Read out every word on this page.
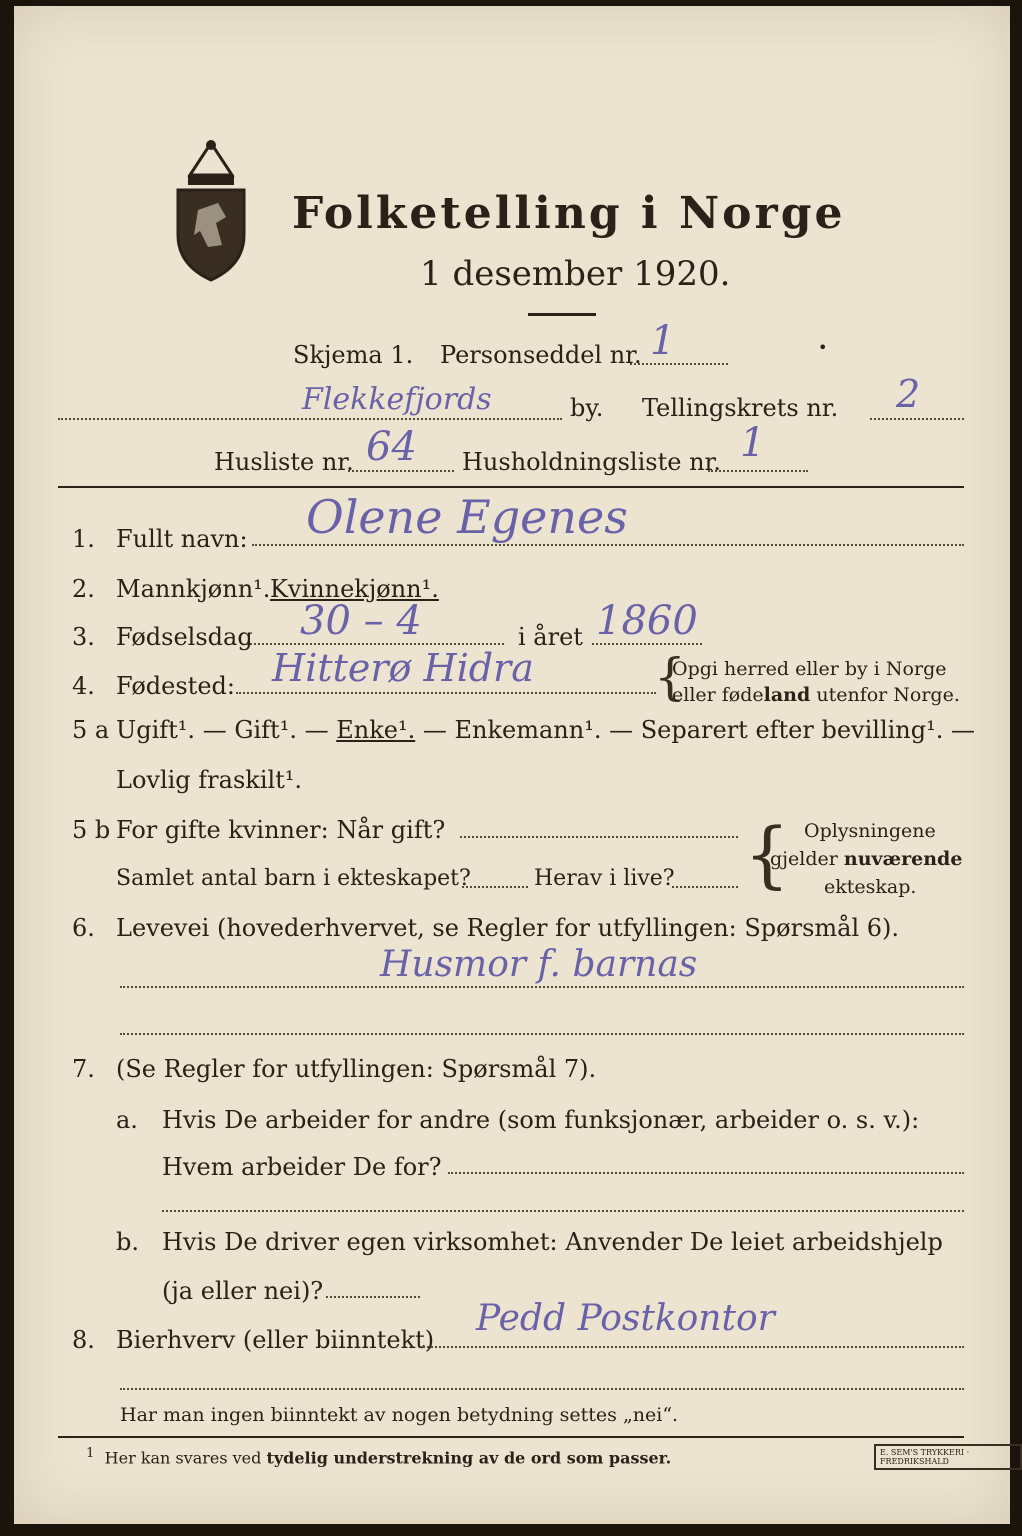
Folketelling i Norge
1 desember 1920.
Skjema 1. Personseddel nr. 1	•
Flekkefjords	by. Tellingskrets nr. 2
Husliste nr. 64 Husholdningsliste nr. 1
1. Fullt navn: Olene Egenes
2. Mannkjønn¹. Kvinnekjønn¹.
3. Fødselsdag 30 – 4	i året 1860
4. Fødested: Hitterø Hidra {
Opgi herred eller by i Norge
eller fødeland utenfor Norge.
5 a Ugift¹. — Gift¹. — Enke¹. — Enkemann¹. — Separert efter bevilling¹. —
Lovlig fraskilt¹.
5 b For gifte kvinner: Når gift?
Samlet antal barn i ekteskapet?	Herav i live? { Oplysningene
gjelder nuværende
ekteskap.
6. Levevei (hovederhvervet, se Regler for utfyllingen: Spørsmål 6).
Husmor f. barnas
7. (Se Regler for utfyllingen: Spørsmål 7).
a. Hvis De arbeider for andre (som funksjonær, arbeider o. s. v.):
Hvem arbeider De for?
b. Hvis De driver egen virksomhet: Anvender De leiet arbeidshjelp
(ja eller nei)?
8. Bierhverv (eller biinntekt)
Pedd Postkontor
Har man ingen biinntekt av nogen betydning settes „nei“.
$^1$ Her kan svares ved tydelig understrekning av de ord som passer.	E. SEM'S TRYKKERI · FREDRIKSHALD
